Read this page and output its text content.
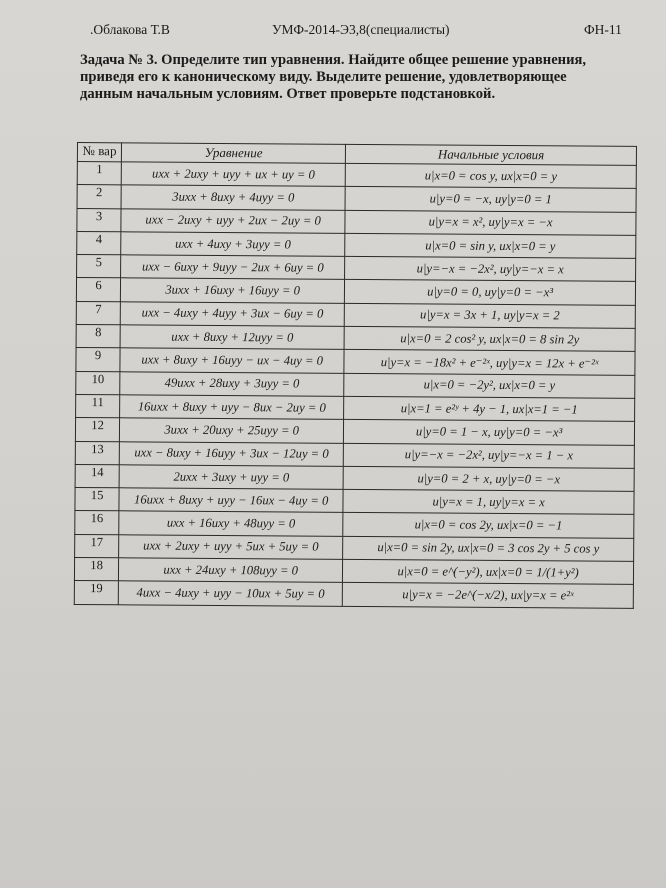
.Облакова Т.В	УМФ-2014-Э3,8(специалисты)	ФН-11
Задача № 3. Определите тип уравнения. Найдите общее решение уравнения, приведя его к каноническому виду. Выделите решение, удовлетворяющее данным начальным условиям. Ответ проверьте подстановкой.
№ вар	Уравнение	Начальные условия
1	uxx + 2uxy + uyy + ux + uy = 0	u|x=0 = cos y, ux|x=0 = y
2	3uxx + 8uxy + 4uyy = 0	u|y=0 = −x, uy|y=0 = 1
3	uxx − 2uxy + uyy + 2ux − 2uy = 0	u|y=x = x², uy|y=x = −x
4	uxx + 4uxy + 3uyy = 0	u|x=0 = sin y, ux|x=0 = y
5	uxx − 6uxy + 9uyy − 2ux + 6uy = 0	u|y=−x = −2x², uy|y=−x = x
6	3uxx + 16uxy + 16uyy = 0	u|y=0 = 0, uy|y=0 = −x³
7	uxx − 4uxy + 4uyy + 3ux − 6uy = 0	u|y=x = 3x + 1, uy|y=x = 2
8	uxx + 8uxy + 12uyy = 0	u|x=0 = 2 cos² y, ux|x=0 = 8 sin 2y
9	uxx + 8uxy + 16uyy − ux − 4uy = 0	u|y=x = −18x² + e⁻²ˣ, uy|y=x = 12x + e⁻²ˣ
10	49uxx + 28uxy + 3uyy = 0	u|x=0 = −2y², ux|x=0 = y
11	16uxx + 8uxy + uyy − 8ux − 2uy = 0	u|x=1 = e²ʸ + 4y − 1, ux|x=1 = −1
12	3uxx + 20uxy + 25uyy = 0	u|y=0 = 1 − x, uy|y=0 = −x³
13	uxx − 8uxy + 16uyy + 3ux − 12uy = 0	u|y=−x = −2x², uy|y=−x = 1 − x
14	2uxx + 3uxy + uyy = 0	u|y=0 = 2 + x, uy|y=0 = −x
15	16uxx + 8uxy + uyy − 16ux − 4uy = 0	u|y=x = 1, uy|y=x = x
16	uxx + 16uxy + 48uyy = 0	u|x=0 = cos 2y, ux|x=0 = −1
17	uxx + 2uxy + uyy + 5ux + 5uy = 0	u|x=0 = sin 2y, ux|x=0 = 3 cos 2y + 5 cos y
18	uxx + 24uxy + 108uyy = 0	u|x=0 = e^(−y²), ux|x=0 = 1/(1+y²)
19	4uxx − 4uxy + uyy − 10ux + 5uy = 0	u|y=x = −2e^(−x/2), ux|y=x = e²ˣ
